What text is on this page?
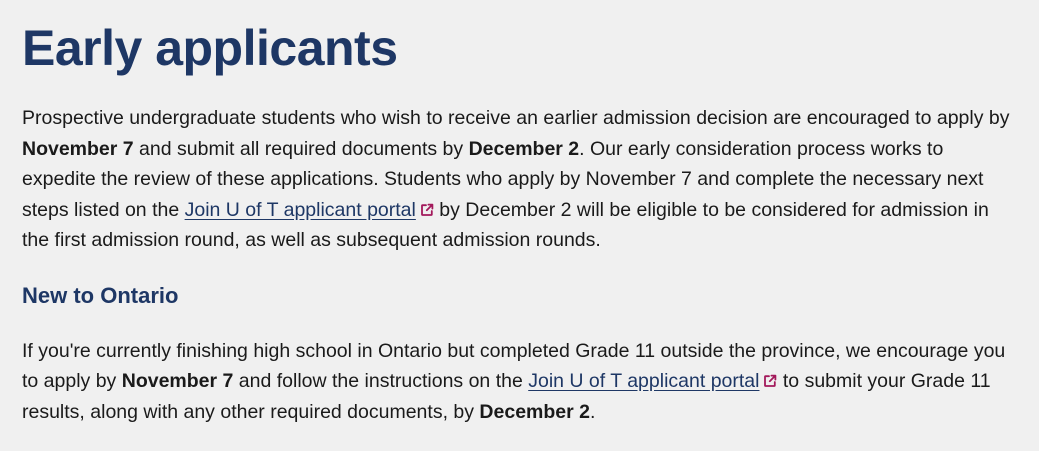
Early applicants

Prospective undergraduate students who wish to receive an earlier admission decision are encouraged to apply by November 7 and submit all required documents by December 2. Our early consideration process works to expedite the review of these applications. Students who apply by November 7 and complete the necessary next steps listed on the Join U of T applicant portal by December 2 will be eligible to be considered for admission in the first admission round, as well as subsequent admission rounds.

New to Ontario

If you're currently finishing high school in Ontario but completed Grade 11 outside the province, we encourage you to apply by November 7 and follow the instructions on the Join U of T applicant portal to submit your Grade 11 results, along with any other required documents, by December 2.
